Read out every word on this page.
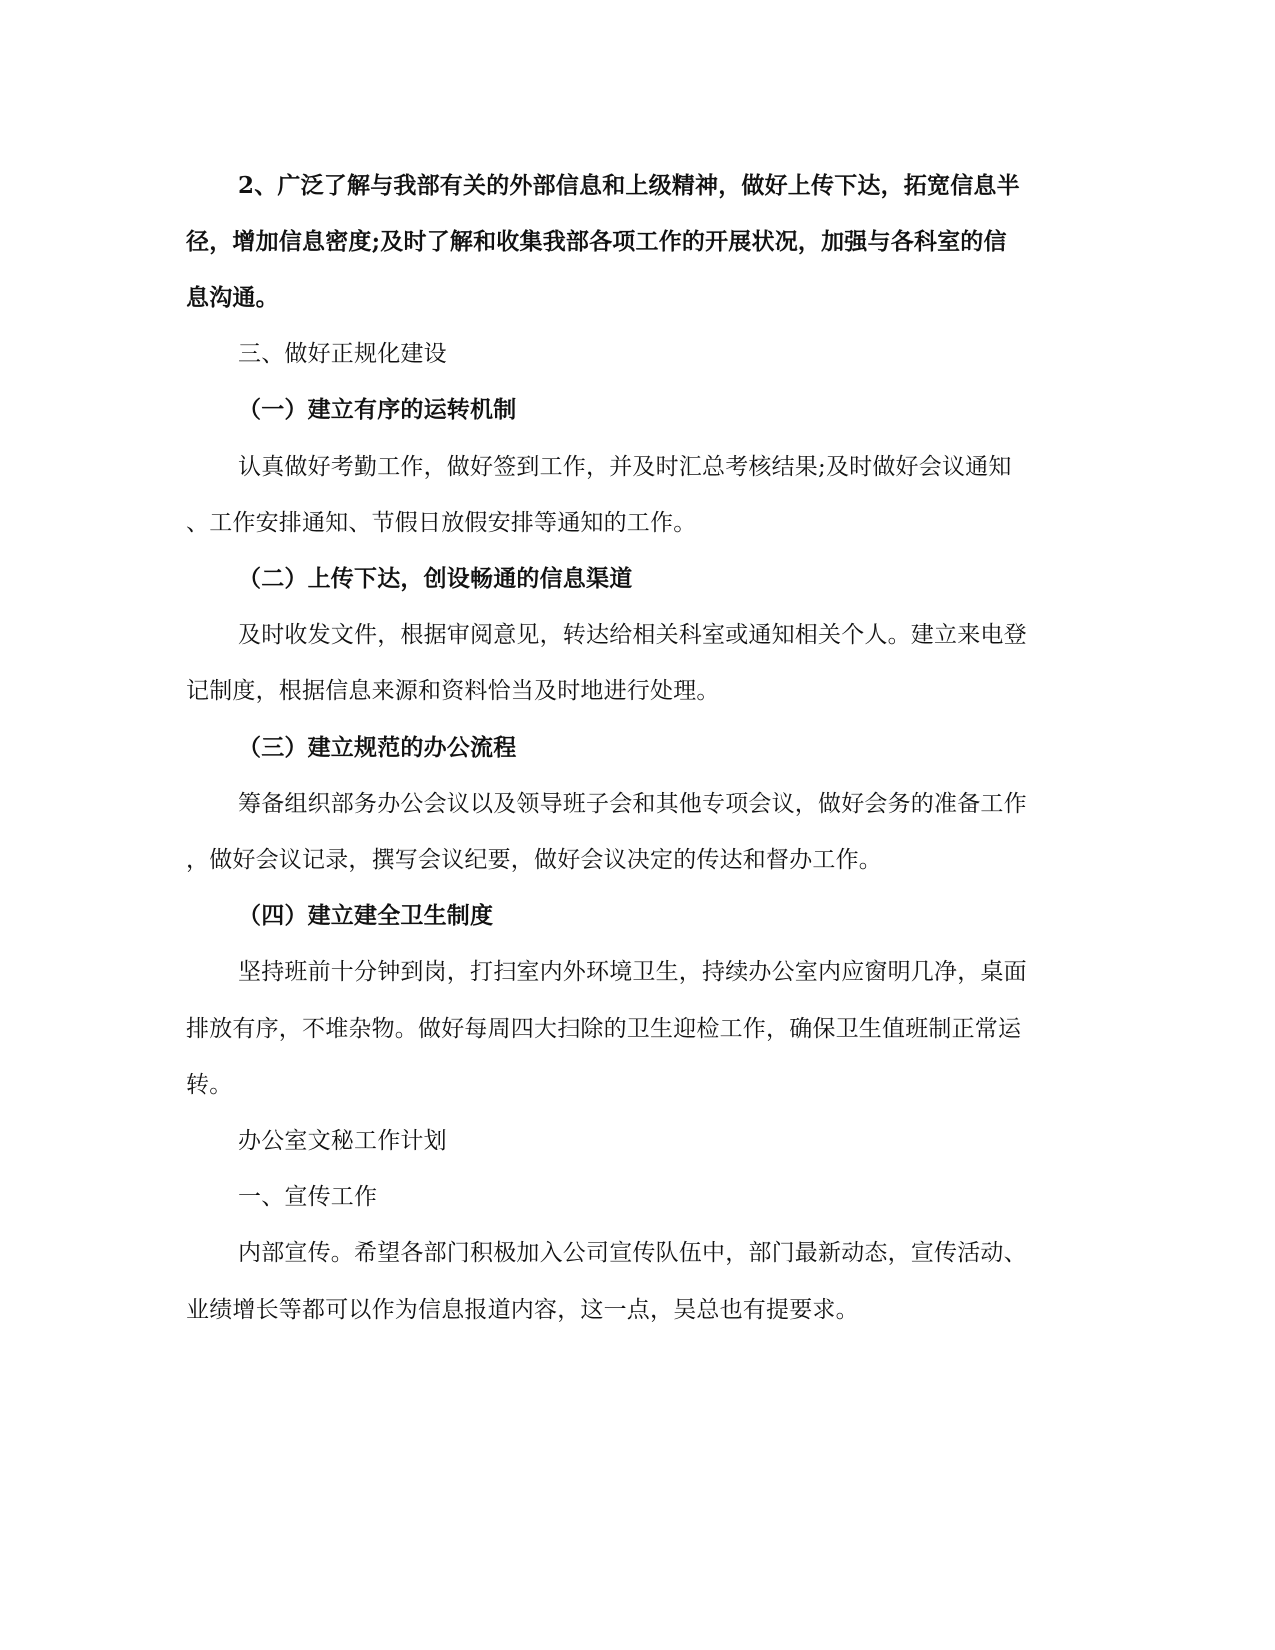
2、广泛了解与我部有关的外部信息和上级精神，做好上传下达，拓宽信息半
径，增加信息密度;及时了解和收集我部各项工作的开展状况，加强与各科室的信
息沟通。
三、做好正规化建设
（一）建立有序的运转机制
认真做好考勤工作，做好签到工作，并及时汇总考核结果;及时做好会议通知
、工作安排通知、节假日放假安排等通知的工作。
（二）上传下达，创设畅通的信息渠道
及时收发文件，根据审阅意见，转达给相关科室或通知相关个人。建立来电登
记制度，根据信息来源和资料恰当及时地进行处理。
（三）建立规范的办公流程
筹备组织部务办公会议以及领导班子会和其他专项会议，做好会务的准备工作
，做好会议记录，撰写会议纪要，做好会议决定的传达和督办工作。
（四）建立建全卫生制度
坚持班前十分钟到岗，打扫室内外环境卫生，持续办公室内应窗明几净，桌面
排放有序，不堆杂物。做好每周四大扫除的卫生迎检工作，确保卫生值班制正常运
转。
办公室文秘工作计划
一、宣传工作
内部宣传。希望各部门积极加入公司宣传队伍中，部门最新动态，宣传活动、
业绩增长等都可以作为信息报道内容，这一点，吴总也有提要求。
